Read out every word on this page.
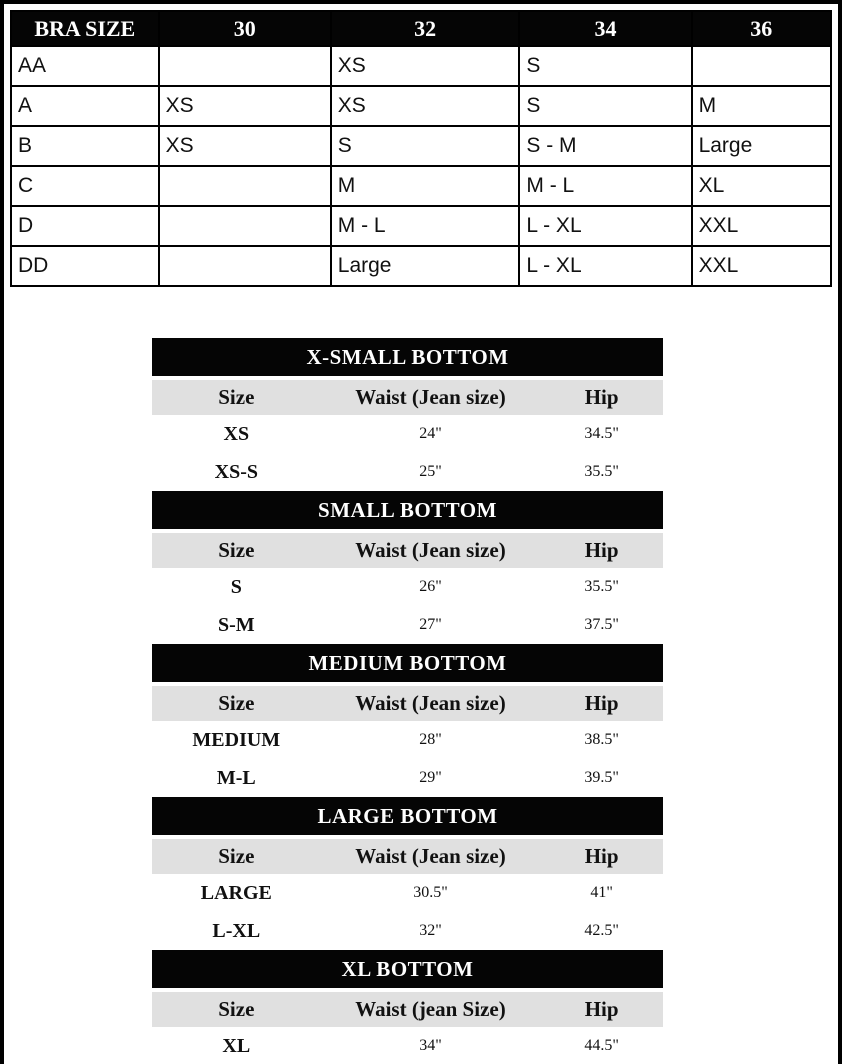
BRA SIZE	30	32	34	36
AA		XS	S	
A	XS	XS	S	M
B	XS	S	S - M	Large
C		M	M - L	XL
D		M - L	L - XL	XXL
DD		Large	L - XL	XXL
X-SMALL BOTTOM
Size	Waist (Jean size)	Hip
XS	24"	34.5"
XS-S	25"	35.5"
SMALL BOTTOM
Size	Waist (Jean size)	Hip
S	26"	35.5"
S-M	27"	37.5"
MEDIUM BOTTOM
Size	Waist (Jean size)	Hip
MEDIUM	28"	38.5"
M-L	29"	39.5"
LARGE BOTTOM
Size	Waist (Jean size)	Hip
LARGE	30.5"	41"
L-XL	32"	42.5"
XL BOTTOM
Size	Waist (jean Size)	Hip
XL	34"	44.5"
